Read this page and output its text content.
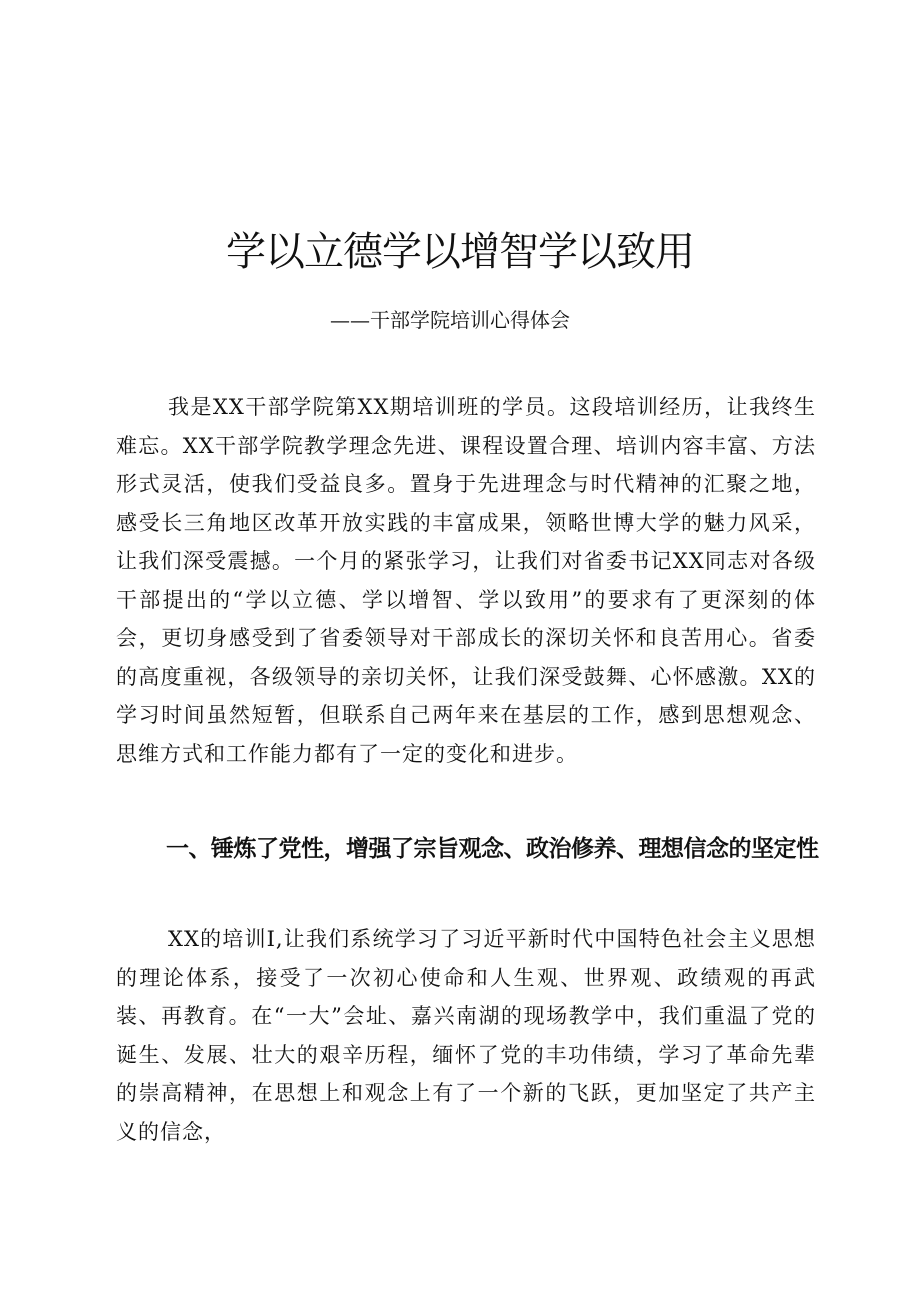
学以立德学以增智学以致用

——干部学院培训心得体会

我是XX干部学院第XX期培训班的学员。这段培训经历，让我终生难忘。XX干部学院教学理念先进、课程设置合理、培训内容丰富、方法形式灵活，使我们受益良多。置身于先进理念与时代精神的汇聚之地，感受长三角地区改革开放实践的丰富成果，领略世博大学的魅力风采，让我们深受震撼。一个月的紧张学习，让我们对省委书记XX同志对各级干部提出的“学以立德、学以增智、学以致用”的要求有了更深刻的体会，更切身感受到了省委领导对干部成长的深切关怀和良苦用心。省委的高度重视，各级领导的亲切关怀，让我们深受鼓舞、心怀感激。XX的学习时间虽然短暂，但联系自己两年来在基层的工作，感到思想观念、思维方式和工作能力都有了一定的变化和进步。

一、锤炼了党性，增强了宗旨观念、政治修养、理想信念的坚定性

XX的培训I,让我们系统学习了习近平新时代中国特色社会主义思想的理论体系，接受了一次初心使命和人生观、世界观、政绩观的再武装、再教育。在“一大”会址、嘉兴南湖的现场教学中，我们重温了党的诞生、发展、壮大的艰辛历程，缅怀了党的丰功伟绩，学习了革命先辈的崇高精神，在思想上和观念上有了一个新的飞跃，更加坚定了共产主义的信念，
